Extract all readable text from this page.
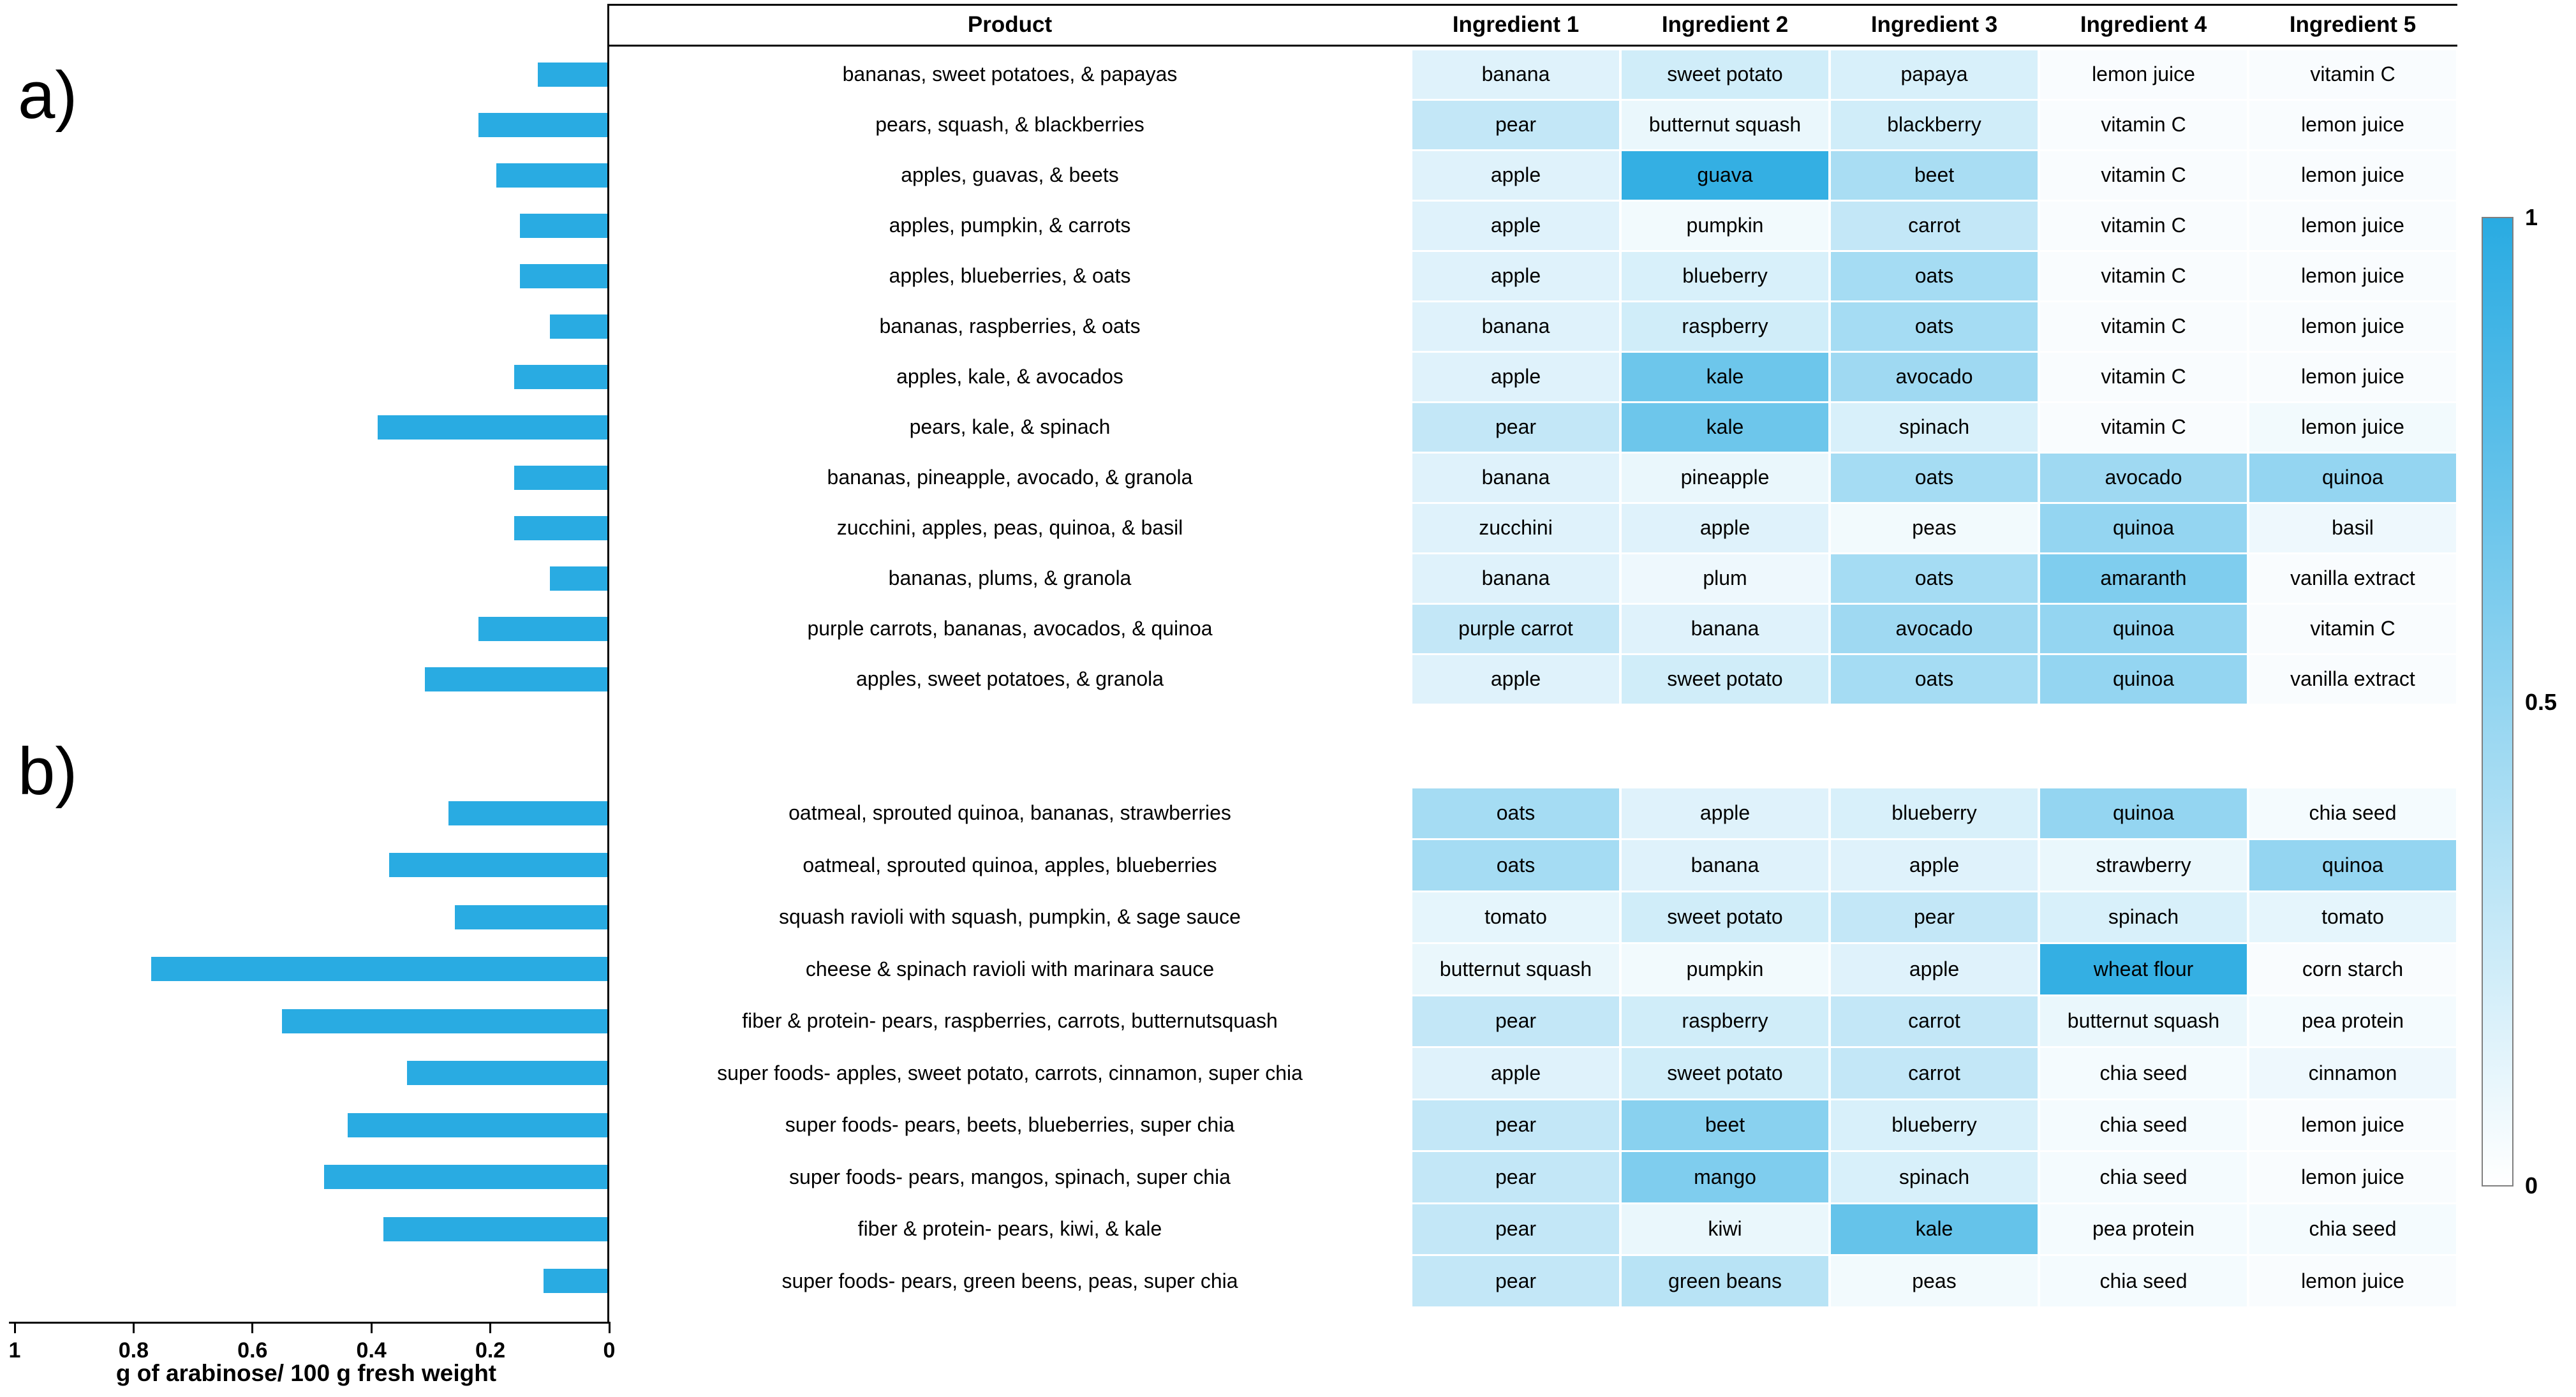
a)
b)
Product	Ingredient 1	Ingredient 2	Ingredient 3	Ingredient 4	Ingredient 5
bananas, sweet potatoes, & papayas	banana	sweet potato	papaya	lemon juice	vitamin C
pears, squash, & blackberries	pear	butternut squash	blackberry	vitamin C	lemon juice
apples, guavas, & beets	apple	guava	beet	vitamin C	lemon juice
apples, pumpkin, & carrots	apple	pumpkin	carrot	vitamin C	lemon juice
apples, blueberries, & oats	apple	blueberry	oats	vitamin C	lemon juice
bananas, raspberries, & oats	banana	raspberry	oats	vitamin C	lemon juice
apples, kale, & avocados	apple	kale	avocado	vitamin C	lemon juice
pears, kale, & spinach	pear	kale	spinach	vitamin C	lemon juice
bananas, pineapple, avocado, & granola	banana	pineapple	oats	avocado	quinoa
zucchini, apples, peas, quinoa, & basil	zucchini	apple	peas	quinoa	basil
bananas, plums, & granola	banana	plum	oats	amaranth	vanilla extract
purple carrots, bananas, avocados, & quinoa	purple carrot	banana	avocado	quinoa	vitamin C
apples, sweet potatoes, & granola	apple	sweet potato	oats	quinoa	vanilla extract
oatmeal, sprouted quinoa, bananas, strawberries	oats	apple	blueberry	quinoa	chia seed
oatmeal, sprouted quinoa, apples, blueberries	oats	banana	apple	strawberry	quinoa
squash ravioli with squash, pumpkin, & sage sauce	tomato	sweet potato	pear	spinach	tomato
cheese & spinach ravioli with marinara sauce	butternut squash	pumpkin	apple	wheat flour	corn starch
fiber & protein- pears, raspberries, carrots, butternutsquash	pear	raspberry	carrot	butternut squash	pea protein
super foods- apples, sweet potato, carrots, cinnamon, super chia	apple	sweet potato	carrot	chia seed	cinnamon
super foods- pears, beets, blueberries, super chia	pear	beet	blueberry	chia seed	lemon juice
super foods- pears, mangos, spinach, super chia	pear	mango	spinach	chia seed	lemon juice
fiber & protein- pears, kiwi, & kale	pear	kiwi	kale	pea protein	chia seed
super foods- pears, green beens, peas, super chia	pear	green beans	peas	chia seed	lemon juice
1	0.8	0.6	0.4	0.2	0
g of arabinose/ 100 g fresh weight
1
0.5
0
